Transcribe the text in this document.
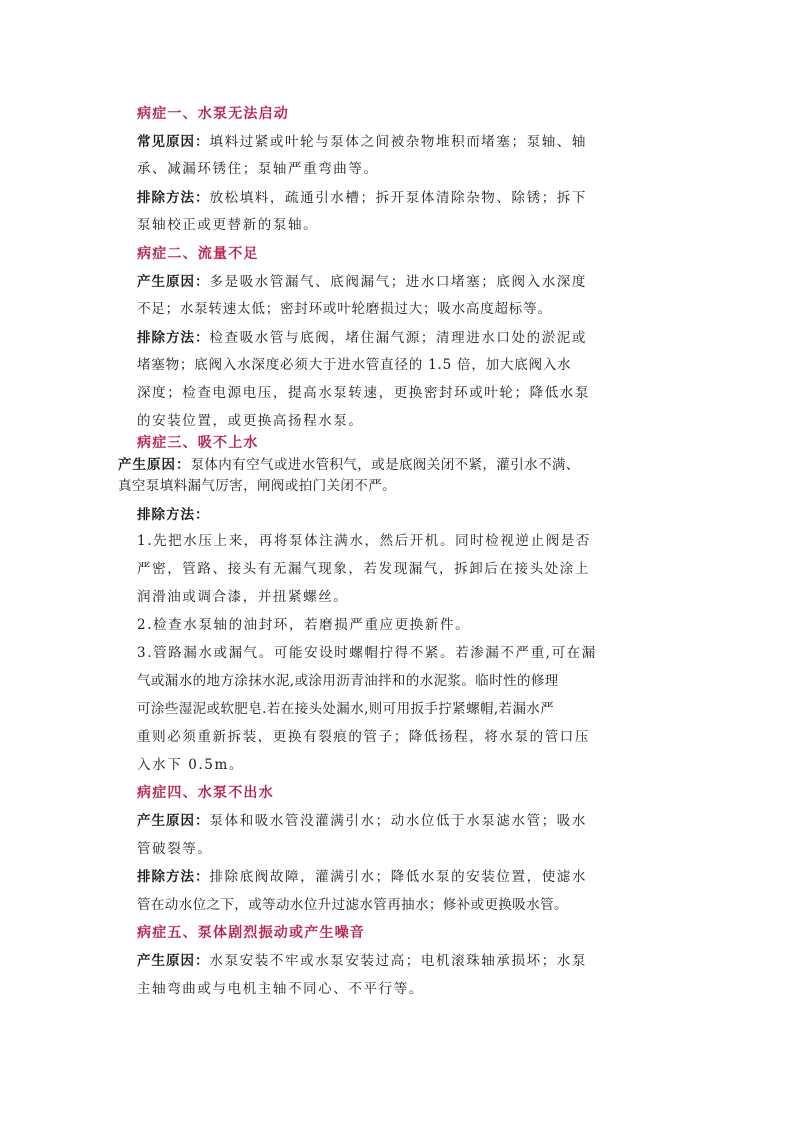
病症一、水泵无法启动
常见原因：填料过紧或叶轮与泵体之间被杂物堆积而堵塞；泵轴、轴
承、减漏环锈住；泵轴严重弯曲等。
排除方法：放松填料，疏通引水槽；拆开泵体清除杂物、除锈；拆下
泵轴校正或更替新的泵轴。
病症二、流量不足
产生原因：多是吸水管漏气、底阀漏气；进水口堵塞；底阀入水深度
不足；水泵转速太低；密封环或叶轮磨损过大；吸水高度超标等。
排除方法：检查吸水管与底阀，堵住漏气源；清理进水口处的淤泥或
堵塞物；底阀入水深度必须大于进水管直径的 1.5 倍，加大底阀入水
深度；检查电源电压，提高水泵转速，更换密封环或叶轮；降低水泵
的安装位置，或更换高扬程水泵。
病症三、吸不上水
产生原因：泵体内有空气或进水管积气，或是底阀关闭不紧，灌引水不满、
真空泵填料漏气厉害，闸阀或拍门关闭不严。
排除方法：
1.先把水压上来，再将泵体注满水，然后开机。同时检视逆止阀是否
严密，管路、接头有无漏气现象，若发现漏气，拆卸后在接头处涂上
润滑油或调合漆，并扭紧螺丝。
2.检查水泵轴的油封环，若磨损严重应更换新件。
3.管路漏水或漏气。可能安设时螺帽拧得不紧。若渗漏不严重,可在漏
气或漏水的地方涂抹水泥,或涂用沥青油拌和的水泥浆。临时性的修理
可涂些湿泥或软肥皂.若在接头处漏水,则可用扳手拧紧螺帽,若漏水严
重则必须重新拆装，更换有裂痕的管子；降低扬程，将水泵的管口压
入水下 0.5m。
病症四、水泵不出水
产生原因：泵体和吸水管没灌满引水；动水位低于水泵滤水管；吸水
管破裂等。
排除方法：排除底阀故障，灌满引水；降低水泵的安装位置，使滤水
管在动水位之下，或等动水位升过滤水管再抽水；修补或更换吸水管。
病症五、泵体剧烈振动或产生噪音
产生原因：水泵安装不牢或水泵安装过高；电机滚珠轴承损坏；水泵
主轴弯曲或与电机主轴不同心、不平行等。
